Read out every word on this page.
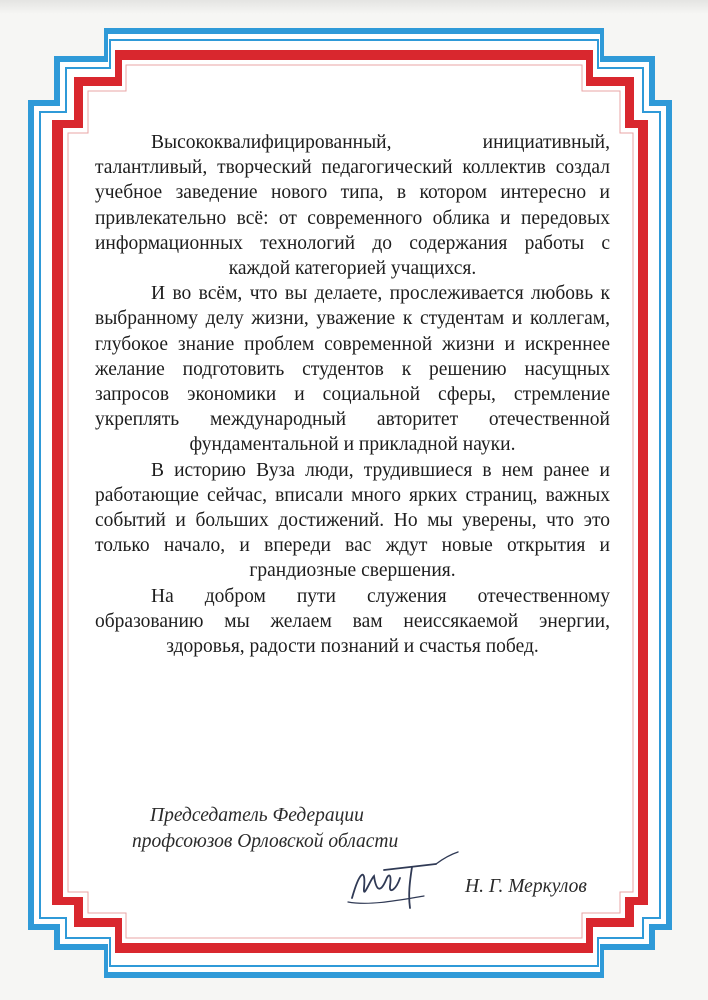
Высококвалифицированный, инициативный, талантливый, творческий педагогический коллектив создал учебное заведение нового типа, в котором интересно и привлекательно всё: от современного облика и передовых информационных технологий до содержания работы с каждой категорией учащихся.

И во всём, что вы делаете, прослеживается любовь к выбранному делу жизни, уважение к студентам и коллегам, глубокое знание проблем современной жизни и искреннее желание подготовить студентов к решению насущных запросов экономики и социальной сферы, стремление укреплять международный авторитет отечественной фундаментальной и прикладной науки.

В историю Вуза люди, трудившиеся в нем ранее и работающие сейчас, вписали много ярких страниц, важных событий и больших достижений. Но мы уверены, что это только начало, и впереди вас ждут новые открытия и грандиозные свершения.

На добром пути служения отечественному образованию мы желаем вам неиссякаемой энергии, здоровья, радости познаний и счастья побед.

Председатель Федерации

профсоюзов Орловской области

Н. Г. Меркулов
